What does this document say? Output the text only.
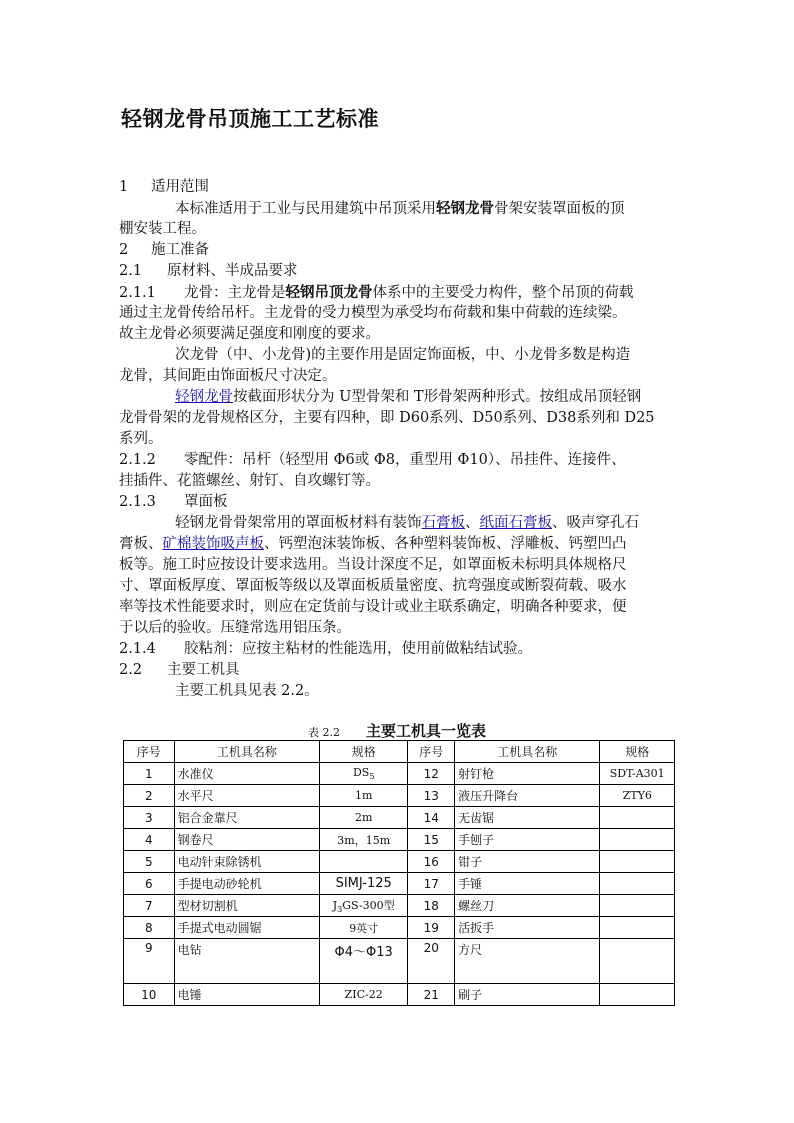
轻钢龙骨吊顶施工工艺标准
1 适用范围
本标准适用于工业与民用建筑中吊顶采用轻钢龙骨骨架安装罩面板的顶
棚安装工程。
2 施工准备
2.1 原材料、半成品要求
2.1.1 龙骨：主龙骨是轻钢吊顶龙骨体系中的主要受力构件，整个吊顶的荷载
通过主龙骨传给吊杆。主龙骨的受力模型为承受均布荷载和集中荷载的连续梁。
故主龙骨必须要满足强度和刚度的要求。
次龙骨（中、小龙骨)的主要作用是固定饰面板，中、小龙骨多数是构造
龙骨，其间距由饰面板尺寸决定。
轻钢龙骨按截面形状分为 U型骨架和 T形骨架两种形式。按组成吊顶轻钢
龙骨骨架的龙骨规格区分，主要有四种，即 D60系列、D50系列、D38系列和 D25
系列。
2.1.2 零配件：吊杆（轻型用 Φ6或 Φ8，重型用 Φ10）、吊挂件、连接件、
挂插件、花篮螺丝、射钉、自攻螺钉等。
2.1.3 罩面板
轻钢龙骨骨架常用的罩面板材料有装饰石膏板、纸面石膏板、吸声穿孔石
膏板、矿棉装饰吸声板、钙塑泡沫装饰板、各种塑料装饰板、浮雕板、钙塑凹凸
板等。施工时应按设计要求选用。当设计深度不足，如罩面板未标明具体规格尺
寸、罩面板厚度、罩面板等级以及罩面板质量密度、抗弯强度或断裂荷载、吸水
率等技术性能要求时，则应在定货前与设计或业主联系确定，明确各种要求，便
于以后的验收。压缝常选用铝压条。
2.1.4 胶粘剂：应按主粘材的性能选用，使用前做粘结试验。
2.2 主要工机具
主要工机具见表 2.2。
表 2.2 主要工机具一览表
序号	工机具名称	规格	序号	工机具名称	规格
1	水准仪	$DS_5$	12	射钉枪	SDT-A301
2	水平尺	1m	13	液压升降台	ZTY6
3	铝合金靠尺	2m	14	无齿锯	
4	钢卷尺	3m，15m	15	手刨子	
5	电动针束除锈机		16	钳子	
6	手提电动砂轮机	SIMJ-125	17	手锤	
7	型材切割机	$J_3GS-300$型	18	螺丝刀	
8	手提式电动圆锯	9英寸	19	活扳手	
9	电钻	Φ4～Φ13	20	方尺	
10	电锤	ZIC-22	21	刷子	
